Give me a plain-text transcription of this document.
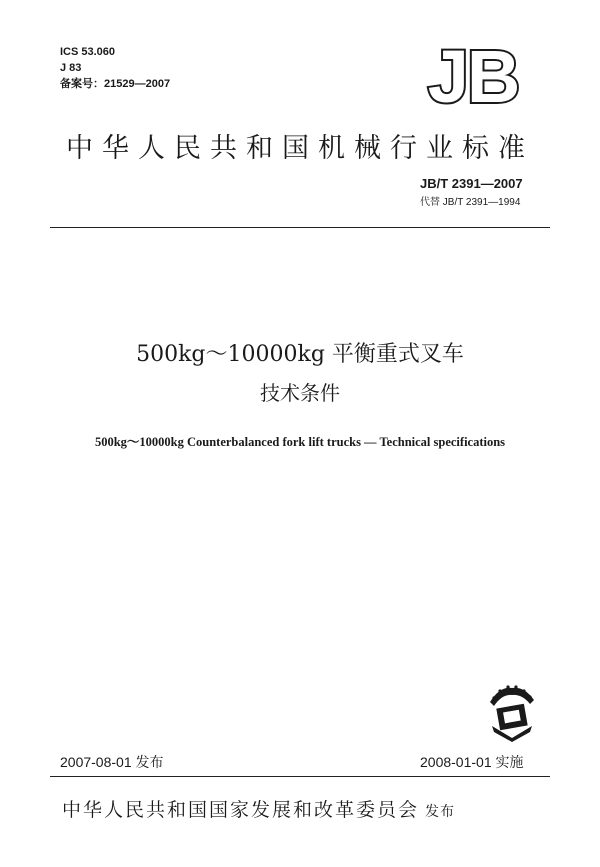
ICS 53.060
J 83
备案号：21529—2007	JB
中华人民共和国机械行业标准
JB/T 2391—2007
代替 JB/T 2391—1994
500kg～10000kg 平衡重式叉车
技术条件
500kg～10000kg Counterbalanced fork lift trucks — Technical specifications
2007-08-01 发布	2008-01-01 实施
中华人民共和国国家发展和改革委员会 发布
